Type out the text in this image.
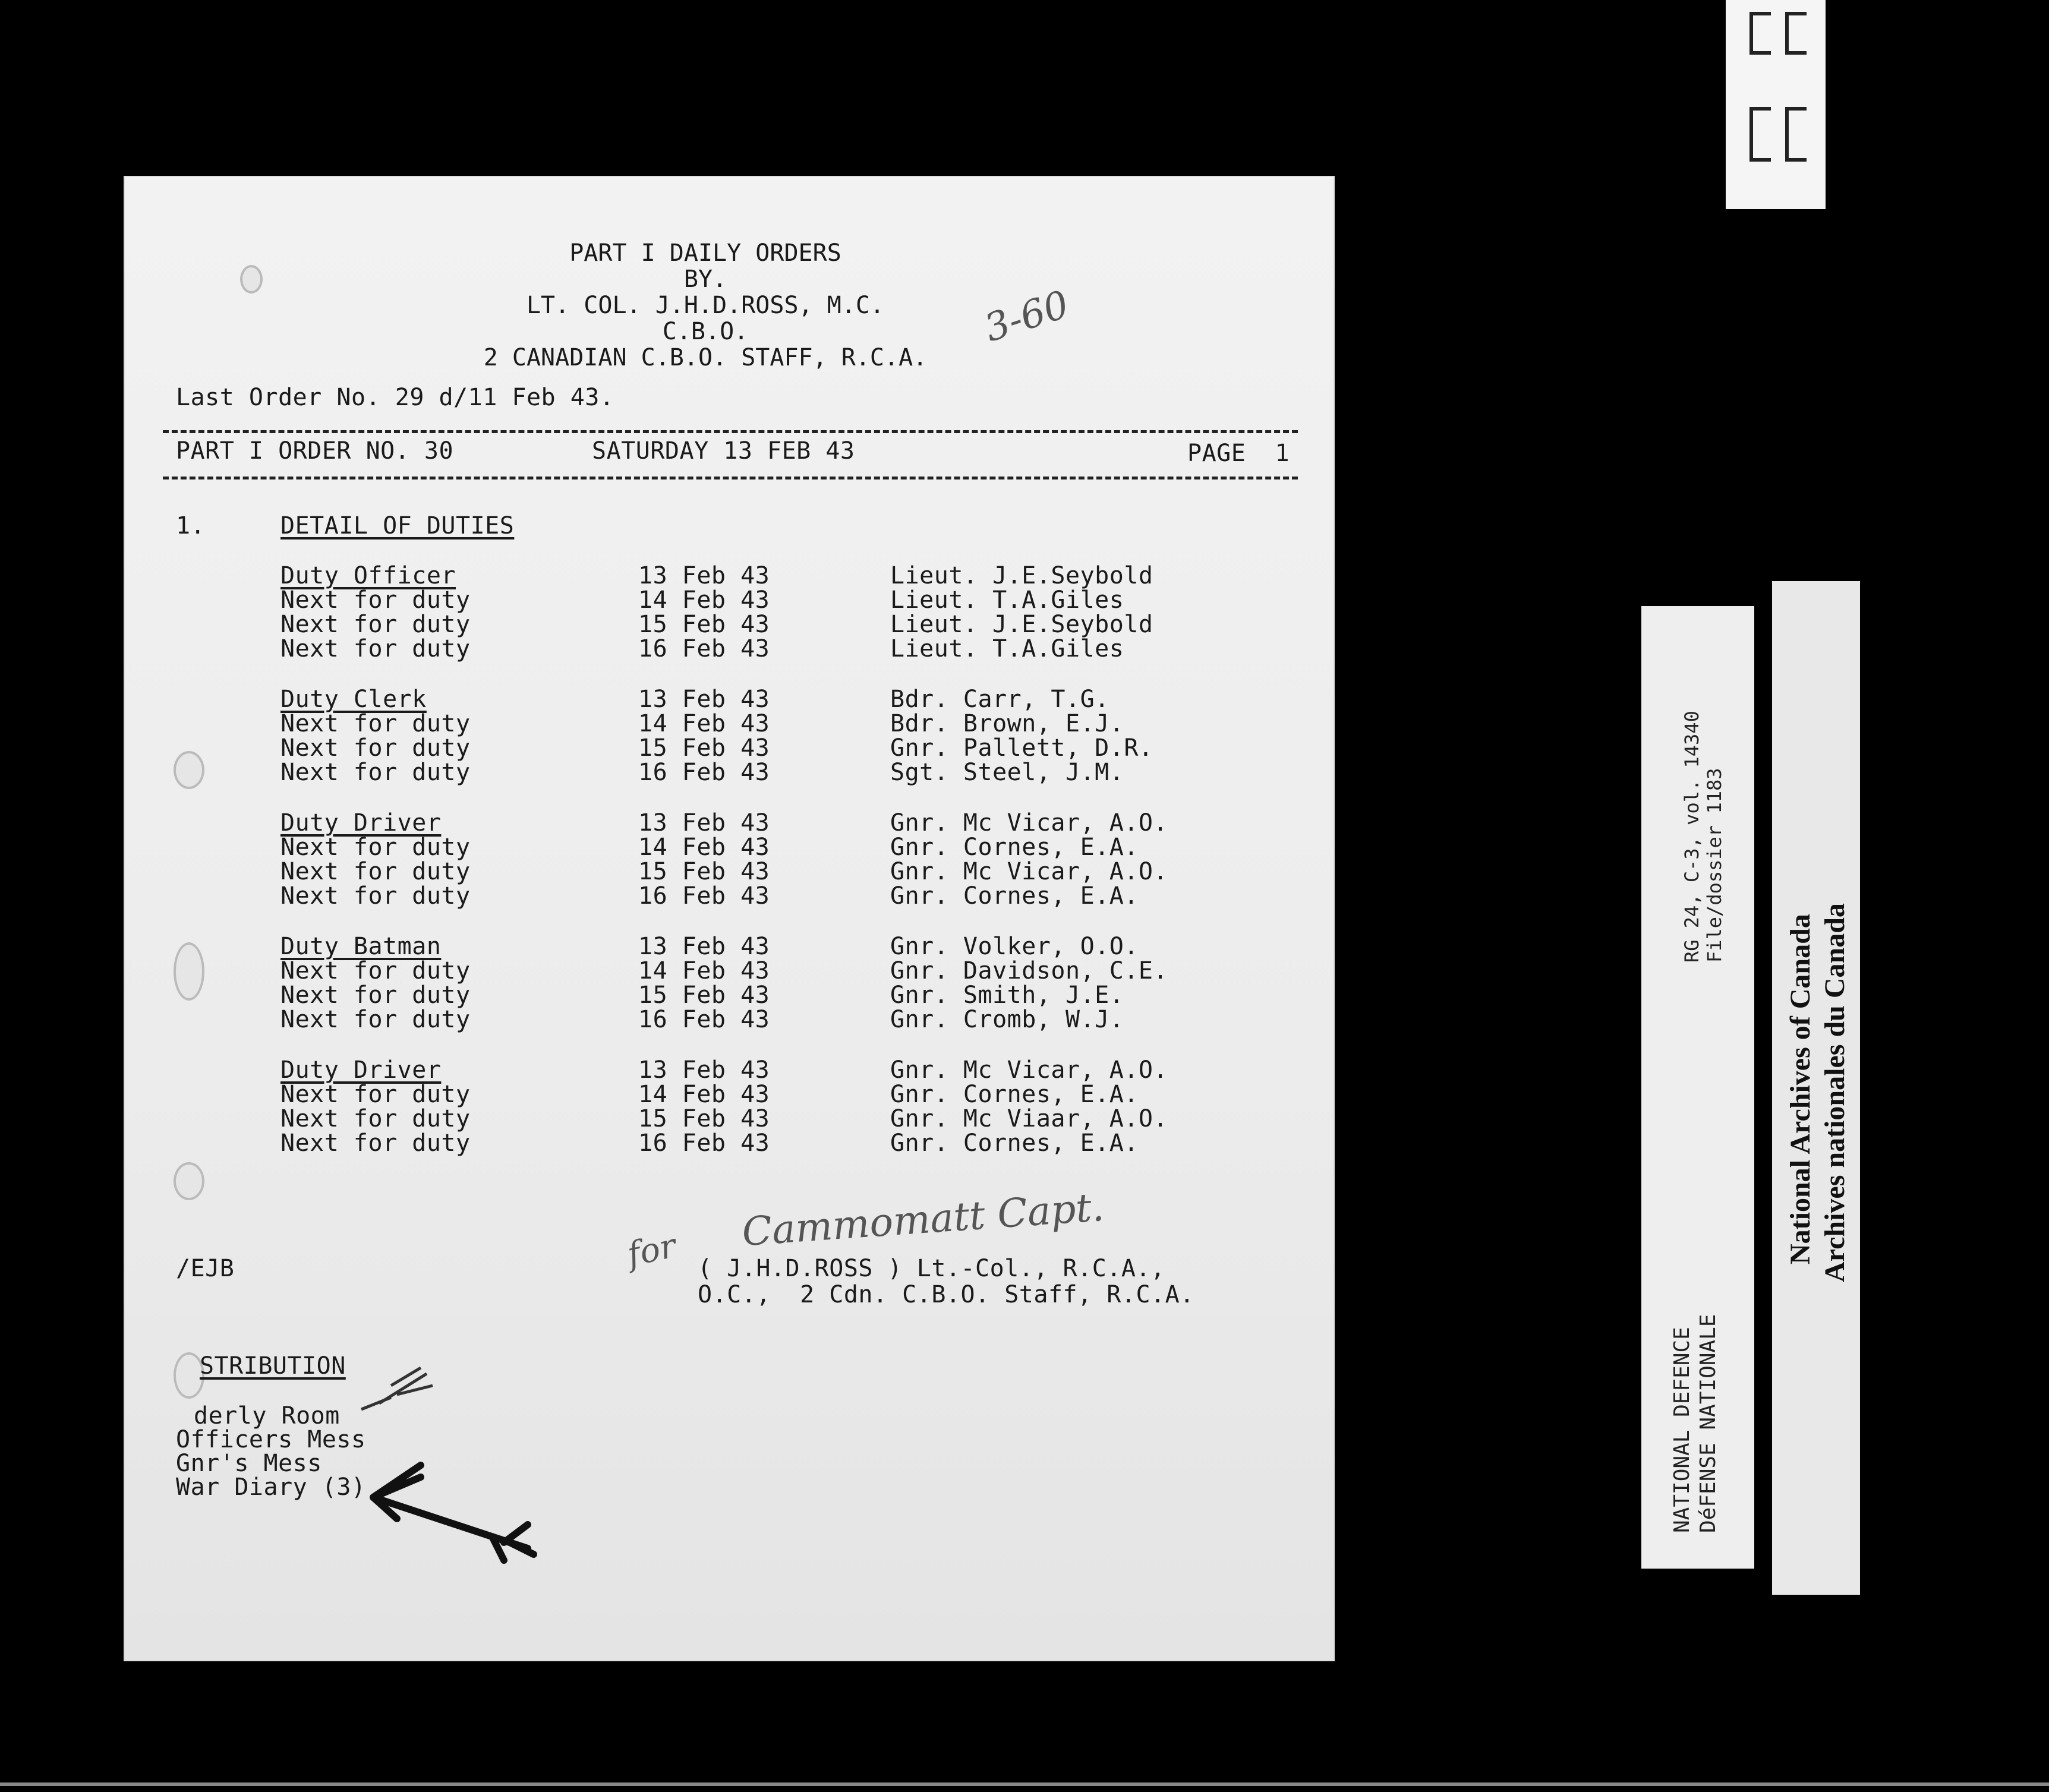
PART I DAILY ORDERS
BY.
LT. COL. J.H.D.ROSS, M.C.
C.B.O.
2 CANADIAN C.B.O. STAFF, R.C.A.
3-60
Last Order No. 29 d/11 Feb 43.
PART I ORDER NO. 30	SATURDAY 13 FEB 43	PAGE  1
1.	DETAIL OF DUTIES
Duty Officer	13 Feb 43	Lieut. J.E.Seybold
Next for duty	14 Feb 43	Lieut. T.A.Giles
Next for duty	15 Feb 43	Lieut. J.E.Seybold
Next for duty	16 Feb 43	Lieut. T.A.Giles
Duty Clerk	13 Feb 43	Bdr. Carr, T.G.
Next for duty	14 Feb 43	Bdr. Brown, E.J.
Next for duty	15 Feb 43	Gnr. Pallett, D.R.
Next for duty	16 Feb 43	Sgt. Steel, J.M.
Duty Driver	13 Feb 43	Gnr. Mc Vicar, A.O.
Next for duty	14 Feb 43	Gnr. Cornes, E.A.
Next for duty	15 Feb 43	Gnr. Mc Vicar, A.O.
Next for duty	16 Feb 43	Gnr. Cornes, E.A.
Duty Batman	13 Feb 43	Gnr. Volker, O.O.
Next for duty	14 Feb 43	Gnr. Davidson, C.E.
Next for duty	15 Feb 43	Gnr. Smith, J.E.
Next for duty	16 Feb 43	Gnr. Cromb, W.J.
Duty Driver	13 Feb 43	Gnr. Mc Vicar, A.O.
Next for duty	14 Feb 43	Gnr. Cornes, E.A.
Next for duty	15 Feb 43	Gnr. Mc Viaar, A.O.
Next for duty	16 Feb 43	Gnr. Cornes, E.A.
/EJB	for Cammomatt Capt.
( J.H.D.ROSS ) Lt.-Col., R.C.A.,
O.C.,  2 Cdn. C.B.O. Staff, R.C.A.
STRIBUTION
derly Room
Officers Mess
Gnr's Mess
War Diary (3)
RG 24, C-3, vol. 14340 File/dossier 1183
NATIONAL DEFENCE DéFENSE NATIONALE
National Archives of Canada Archives nationales du Canada
